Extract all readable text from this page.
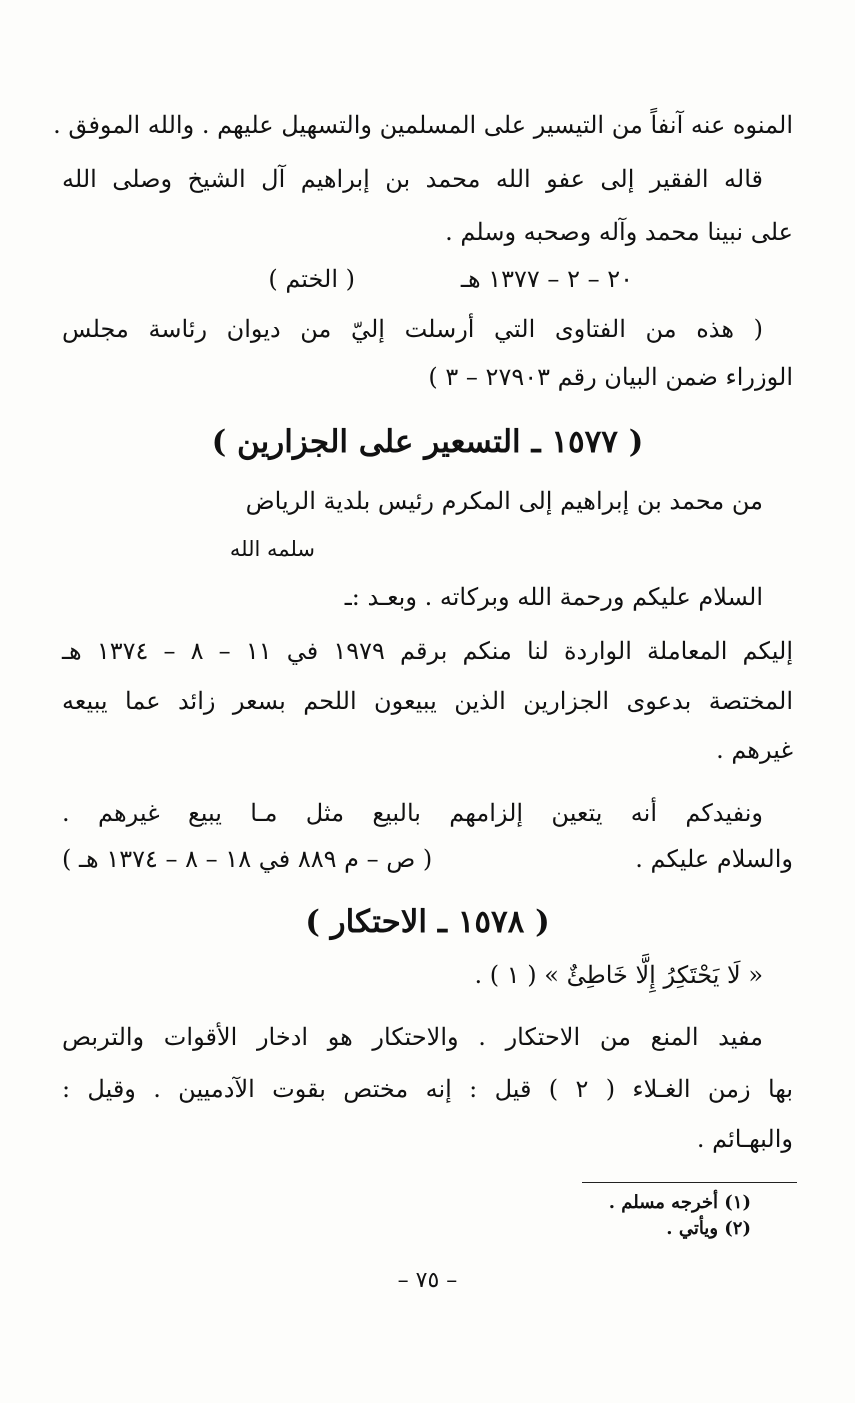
المنوه عنه آنفاً من التيسير على المسلمين والتسهيل عليهم . والله الموفق .
قاله الفقير إلى عفو الله محمد بن إبراهيم آل الشيخ وصلى الله
على نبينا محمد وآله وصحبه وسلم .
٢٠ – ٢ – ١٣٧٧ هـ
( الختم )
( هذه من الفتاوى التي أرسلت إليّ من ديوان رئاسة مجلس
الوزراء ضمن البيان رقم ٢٧٩٠٣ – ٣ )
( ١٥٧٧ ـ التسعير على الجزارين )
من محمد بن إبراهيم إلى المكرم رئيس بلدية الرياض
سلمه الله
السلام عليكم ورحمة الله وبركاته . وبعـد :ـ
إليكم المعاملة الواردة لنا منكم برقم ١٩٧٩ في ١١ – ٨ – ١٣٧٤ هـ
المختصة بدعوى الجزارين الذين يبيعون اللحم بسعر زائد عما يبيعه
غيرهم .
ونفيدكم أنه يتعين إلزامهم بالبيع مثل مـا يبيع غيرهم .
والسلام عليكم .
( ص – م ٨٨٩ في ١٨ – ٨ – ١٣٧٤ هـ )
( ١٥٧٨ ـ الاحتكار )
« لَا يَحْتَكِرُ إِلَّا خَاطِئٌ » ( ١ ) .
مفيد المنع من الاحتكار . والاحتكار هو ادخار الأقوات والتربص
بها زمن الغـلاء ( ٢ ) قيل : إنه مختص بقوت الآدميين . وقيل :
والبهـائم .
(١) أخرجه مسلم .
(٢) ويأتي .
– ٧٥ –
